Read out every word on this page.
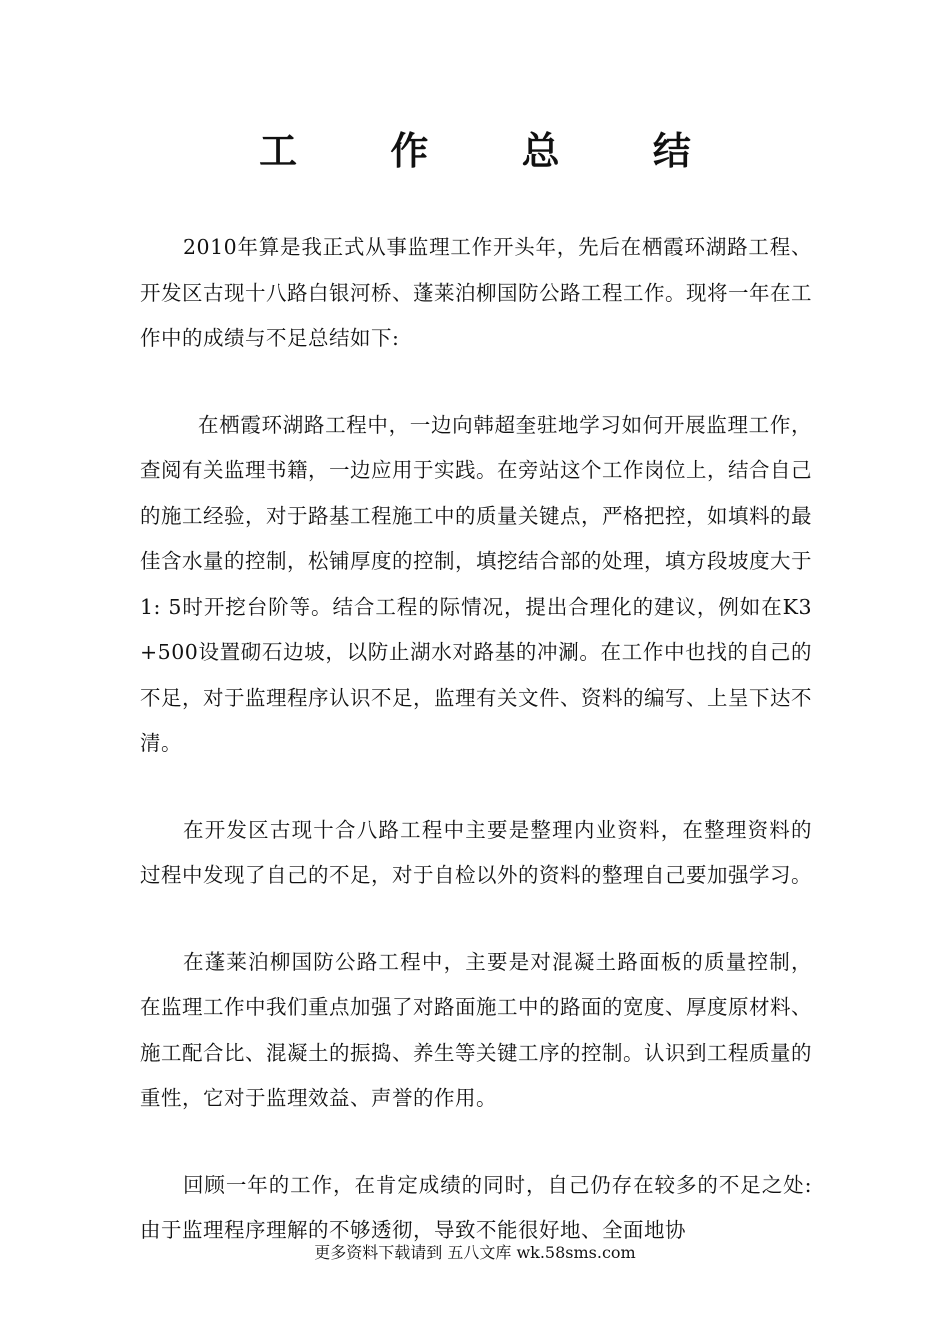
工 作 总 结

2010年算是我正式从事监理工作开头年，先后在栖霞环湖路工程、开发区古现十八路白银河桥、蓬莱泊柳国防公路工程工作。现将一年在工作中的成绩与不足总结如下:

在栖霞环湖路工程中，一边向韩超奎驻地学习如何开展监理工作，查阅有关监理书籍，一边应用于实践。在旁站这个工作岗位上，结合自己的施工经验，对于路基工程施工中的质量关键点，严格把控，如填料的最佳含水量的控制，松铺厚度的控制，填挖结合部的处理，填方段坡度大于1: 5时开挖台阶等。结合工程的际情况，提出合理化的建议，例如在K3+500设置砌石边坡，以防止湖水对路基的冲涮。在工作中也找的自己的不足，对于监理程序认识不足，监理有关文件、资料的编写、上呈下达不清。

在开发区古现十合八路工程中主要是整理内业资料，在整理资料的过程中发现了自己的不足，对于自检以外的资料的整理自己要加强学习。

在蓬莱泊柳国防公路工程中，主要是对混凝土路面板的质量控制，在监理工作中我们重点加强了对路面施工中的路面的宽度、厚度原材料、施工配合比、混凝土的振捣、养生等关键工序的控制。认识到工程质量的重性，它对于监理效益、声誉的作用。

回顾一年的工作，在肯定成绩的同时，自己仍存在较多的不足之处: 由于监理程序理解的不够透彻，导致不能很好地、全面地协

更多资料下载请到 五八文库 wk.58sms.com
